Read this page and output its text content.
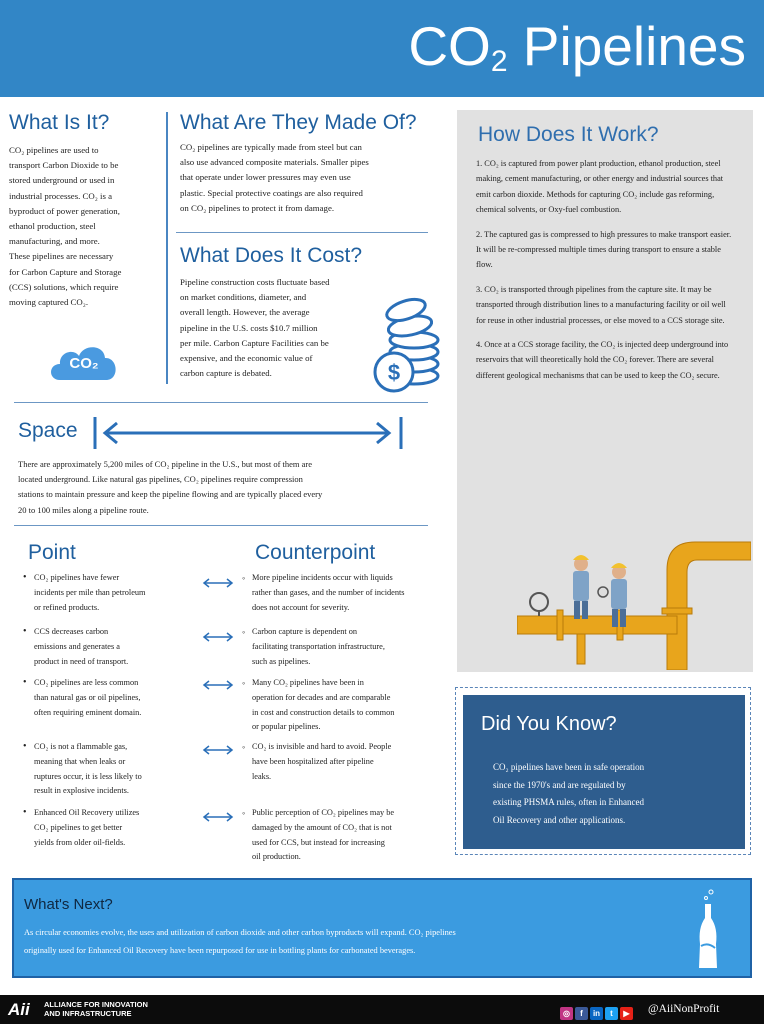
$CO_2$ Pipelines
What Is It?
CO₂ pipelines are used to
transport Carbon Dioxide to be
stored underground or used in
industrial processes. CO₂ is a
byproduct of power generation,
ethanol production, steel
manufacturing, and more.
These pipelines are necessary
for Carbon Capture and Storage
(CCS) solutions, which require
moving captured CO₂.
CO₂
What Are They Made Of?
CO₂ pipelines are typically made from steel but can
also use advanced composite materials. Smaller pipes
that operate under lower pressures may even use
plastic. Special protective coatings are also required
on CO₂ pipelines to protect it from damage.
What Does It Cost?
Pipeline construction costs fluctuate based
on market conditions, diameter, and
overall length. However, the average
pipeline in the U.S. costs $10.7 million
per mile. Carbon Capture Facilities can be
expensive, and the economic value of
carbon capture is debated.	$
How Does It Work?

1. CO₂ is captured from power plant production, ethanol production, steel making, cement manufacturing, or other energy and industrial sources that emit carbon dioxide. Methods for capturing CO₂ include gas reforming, chemical solvents, or Oxy-fuel combustion.

2. The captured gas is compressed to high pressures to make transport easier. It will be re-compressed multiple times during transport to ensure a stable flow.

3. CO₂ is transported through pipelines from the capture site. It may be transported through distribution lines to a manufacturing facility or oil well for reuse in other industrial processes, or else moved to a CCS storage site.

4. Once at a CCS storage facility, the CO₂ is injected deep underground into reservoirs that will theoretically hold the CO₂ forever. There are several different geological mechanisms that can be used to keep the CO₂ secure.

Space
There are approximately 5,200 miles of CO₂ pipeline in the U.S., but most of them are
located underground. Like natural gas pipelines, CO₂ pipelines require compression
stations to maintain pressure and keep the pipeline flowing and are typically placed every
20 to 100 miles along a pipeline route.
Point	Counterpoint
• CO₂ pipelines have fewer
incidents per mile than petroleum
or refined products.
◦ More pipeline incidents occur with liquids
rather than gases, and the number of incidents
does not account for severity.
• CCS decreases carbon
emissions and generates a
product in need of transport.
◦ Carbon capture is dependent on
facilitating transportation infrastructure,
such as pipelines.
• CO₂ pipelines are less common
than natural gas or oil pipelines,
often requiring eminent domain.
◦ Many CO₂ pipelines have been in
operation for decades and are comparable
in cost and construction details to common
or popular pipelines.
• CO₂ is not a flammable gas,
meaning that when leaks or
ruptures occur, it is less likely to
result in explosive incidents.
◦ CO₂ is invisible and hard to avoid. People
have been hospitalized after pipeline
leaks.
• Enhanced Oil Recovery utilizes
CO₂ pipelines to get better
yields from older oil-fields.
◦ Public perception of CO₂ pipelines may be
damaged by the amount of CO₂ that is not
used for CCS, but instead for increasing
oil production.
Did You Know?
CO₂ pipelines have been in safe operation
since the 1970's and are regulated by
existing PHSMA rules, often in Enhanced
Oil Recovery and other applications.
What's Next?
As circular economies evolve, the uses and utilization of carbon dioxide and other carbon byproducts will expand. CO₂ pipelines
originally used for Enhanced Oil Recovery have been repurposed for use in bottling plants for carbonated beverages.
Aii	ALLIANCE FOR INNOVATION
AND INFRASTRUCTURE	◎ f in t ▶	@AiiNonProfit
